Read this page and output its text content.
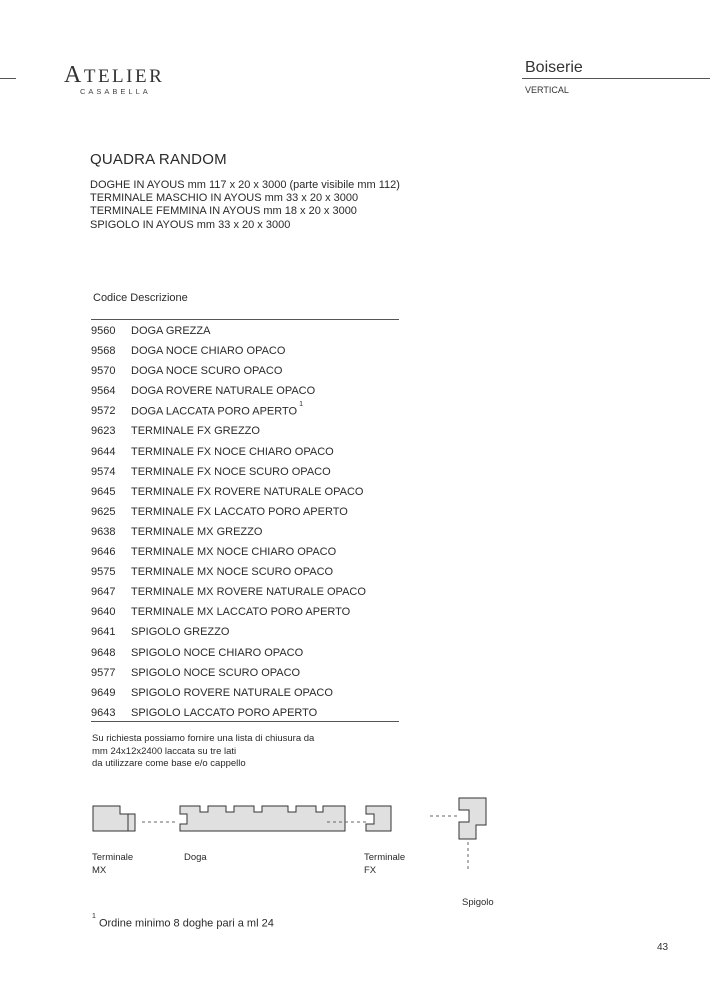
ATELIER
CASABELLA
Boiserie
VERTICAL
QUADRA RANDOM
DOGHE IN AYOUS mm 117 x 20 x 3000 (parte visibile mm 112)
TERMINALE MASCHIO IN AYOUS mm 33 x 20 x 3000
TERMINALE FEMMINA IN AYOUS mm 18 x 20 x 3000
SPIGOLO IN AYOUS mm 33 x 20 x 3000
Codice Descrizione
9560 DOGA GREZZA
9568 DOGA NOCE CHIARO OPACO
9570 DOGA NOCE SCURO OPACO
9564 DOGA ROVERE NATURALE OPACO
9572 DOGA LACCATA PORO APERTO$^1$
9623 TERMINALE FX GREZZO
9644 TERMINALE FX NOCE CHIARO OPACO
9574 TERMINALE FX NOCE SCURO OPACO
9645 TERMINALE FX ROVERE NATURALE OPACO
9625 TERMINALE FX LACCATO PORO APERTO
9638 TERMINALE MX GREZZO
9646 TERMINALE MX NOCE CHIARO OPACO
9575 TERMINALE MX NOCE SCURO OPACO
9647 TERMINALE MX ROVERE NATURALE OPACO
9640 TERMINALE MX LACCATO PORO APERTO
9641 SPIGOLO GREZZO
9648 SPIGOLO NOCE CHIARO OPACO
9577 SPIGOLO NOCE SCURO OPACO
9649 SPIGOLO ROVERE NATURALE OPACO
9643 SPIGOLO LACCATO PORO APERTO
Su richiesta possiamo fornire una lista di chiusura da
mm 24x12x2400 laccata su tre lati
da utilizzare come base e/o cappello
Terminale
MX
Doga	Terminale
FX
Spigolo
$^1$ Ordine minimo 8 doghe pari a ml 24
43
